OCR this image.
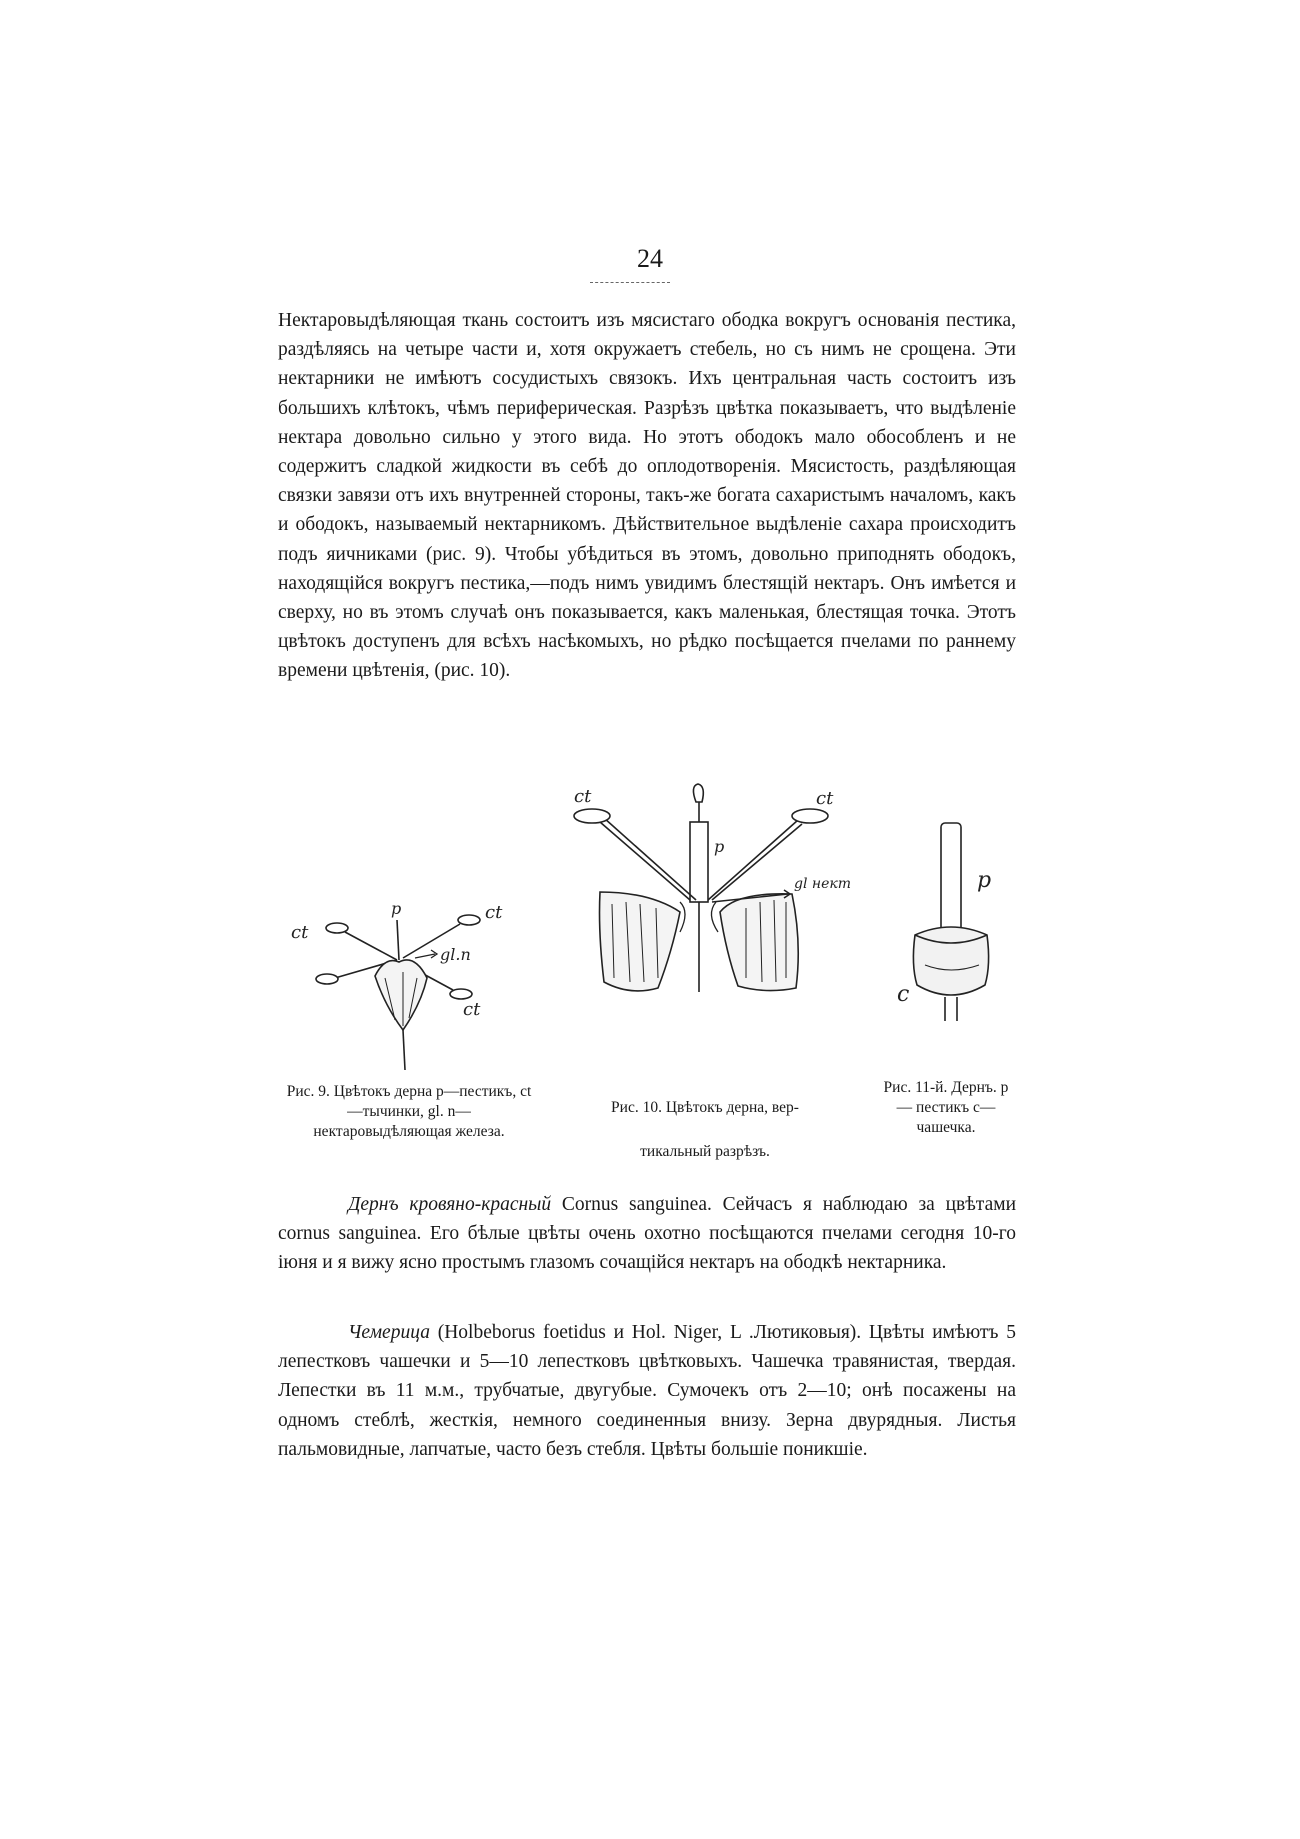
24
Нектаровыдѣляющая ткань состоитъ изъ мясистаго ободка вокругъ основанія пестика, раздѣляясь на четыре части и, хотя окружаетъ стебель, но съ нимъ не срощена. Эти нектарники не имѣютъ сосудистыхъ связокъ. Ихъ центральная часть состоитъ изъ большихъ клѣтокъ, чѣмъ периферическая. Разрѣзъ цвѣтка показываетъ, что выдѣленіе нектара довольно сильно у этого вида. Но этотъ ободокъ мало обособленъ и не содержитъ сладкой жидкости въ себѣ до оплодотворенія. Мясистость, раздѣляющая связки завязи отъ ихъ внутренней стороны, такъ-же богата сахаристымъ началомъ, какъ и ободокъ, называемый нектарникомъ. Дѣйствительное выдѣленіе сахара происходитъ подъ яичниками (рис. 9). Чтобы убѣдиться въ этомъ, довольно приподнять ободокъ, находящійся вокругъ пестика,—подъ нимъ увидимъ блестящій нектаръ. Онъ имѣется и сверху, но въ этомъ случаѣ онъ показывается, какъ маленькая, блестящая точка. Этотъ цвѣтокъ доступенъ для всѣхъ насѣкомыхъ, но рѣдко посѣщается пчелами по раннему времени цвѣтенія, (рис. 10).
ct
p	ct
gl.n
ct
ct
p
ct
gl нект	p
c
Рис. 9. Цвѣтокъ дерна p—пестикъ, ct—тычинки, gl. n—нектаровыдѣляющая железа.
Рис. 10. Цвѣтокъ дерна, вер-
тикальный разрѣзъ.
Рис. 11-й. Дернъ. p — пестикъ с— чашечка.
Дернъ кровяно-красный Cornus sanguinea. Сейчасъ я наблюдаю за цвѣтами cornus sanguinea. Его бѣлые цвѣты очень охотно посѣщаются пчелами сегодня 10-го іюня и я вижу ясно простымъ глазомъ сочащійся нектаръ на ободкѣ нектарника.
Чемерица (Holbeborus foetidus и Hol. Niger, L .Лютиковыя). Цвѣты имѣютъ 5 лепестковъ чашечки и 5—10 лепестковъ цвѣтковыхъ. Чашечка травянистая, твердая. Лепестки въ 11 м.м., трубчатые, двугубые. Сумочекъ отъ 2—10; онѣ посажены на одномъ стеблѣ, жесткія, немного соединенныя внизу. Зерна двурядныя. Листья пальмовидные, лапчатые, часто безъ стебля. Цвѣты большіе поникшіе.
